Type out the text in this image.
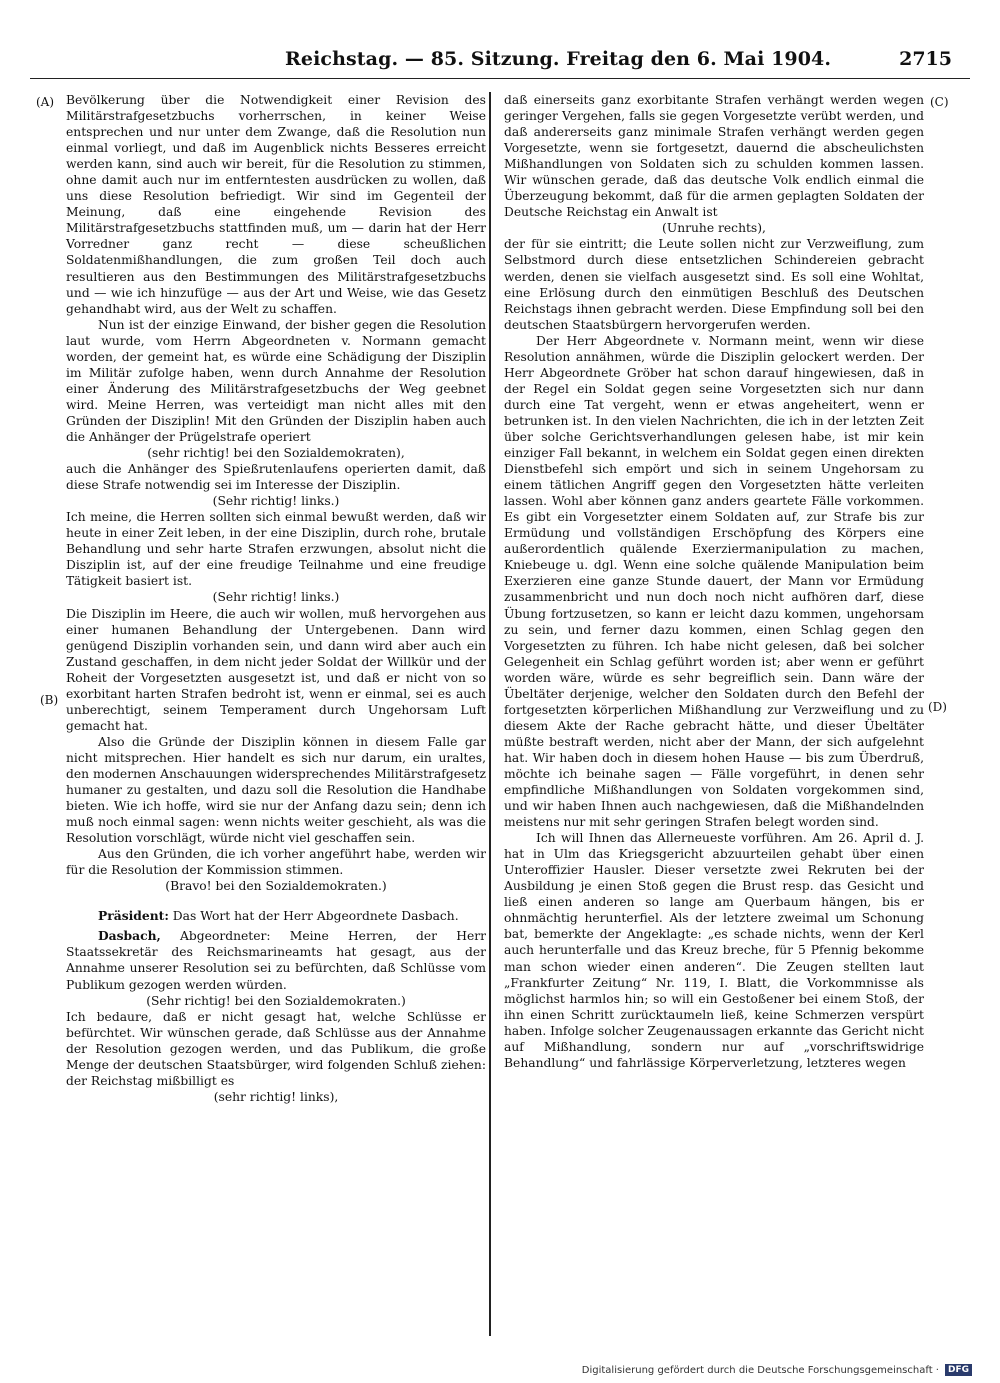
Reichstag. — 85. Sitzung. Freitag den 6. Mai 1904.	2715
(A)
(B)
(C)
(D)

Bevölkerung über die Notwendigkeit einer Revision des Militärstrafgesetzbuchs vorherrschen, in keiner Weise entsprechen und nur unter dem Zwange, daß die Resolution nun einmal vorliegt, und daß im Augenblick nichts Besseres erreicht werden kann, sind auch wir bereit, für die Resolution zu stimmen, ohne damit auch nur im entferntesten ausdrücken zu wollen, daß uns diese Resolution befriedigt. Wir sind im Gegenteil der Meinung, daß eine eingehende Revision des Militärstrafgesetzbuchs stattfinden muß, um — darin hat der Herr Vorredner ganz recht — diese scheußlichen Soldatenmißhandlungen, die zum großen Teil doch auch resultieren aus den Bestimmungen des Militärstrafgesetzbuchs und — wie ich hinzufüge — aus der Art und Weise, wie das Gesetz gehandhabt wird, aus der Welt zu schaffen.

Nun ist der einzige Einwand, der bisher gegen die Resolution laut wurde, vom Herrn Abgeordneten v. Normann gemacht worden, der gemeint hat, es würde eine Schädigung der Disziplin im Militär zufolge haben, wenn durch Annahme der Resolution einer Änderung des Militärstrafgesetzbuchs der Weg geebnet wird. Meine Herren, was verteidigt man nicht alles mit den Gründen der Disziplin! Mit den Gründen der Disziplin haben auch die Anhänger der Prügelstrafe operiert

(sehr richtig! bei den Sozialdemokraten),

auch die Anhänger des Spießrutenlaufens operierten damit, daß diese Strafe notwendig sei im Interesse der Disziplin.

(Sehr richtig! links.)

Ich meine, die Herren sollten sich einmal bewußt werden, daß wir heute in einer Zeit leben, in der eine Disziplin, durch rohe, brutale Behandlung und sehr harte Strafen erzwungen, absolut nicht die Disziplin ist, auf der eine freudige Teilnahme und eine freudige Tätigkeit basiert ist.

(Sehr richtig! links.)

Die Disziplin im Heere, die auch wir wollen, muß hervorgehen aus einer humanen Behandlung der Untergebenen. Dann wird genügend Disziplin vorhanden sein, und dann wird aber auch ein Zustand geschaffen, in dem nicht jeder Soldat der Willkür und der Roheit der Vorgesetzten ausgesetzt ist, und daß er nicht von so exorbitant harten Strafen bedroht ist, wenn er einmal, sei es auch unberechtigt, seinem Temperament durch Ungehorsam Luft gemacht hat.

Also die Gründe der Disziplin können in diesem Falle gar nicht mitsprechen. Hier handelt es sich nur darum, ein uraltes, den modernen Anschauungen widersprechendes Militärstrafgesetz humaner zu gestalten, und dazu soll die Resolution die Handhabe bieten. Wie ich hoffe, wird sie nur der Anfang dazu sein; denn ich muß noch einmal sagen: wenn nichts weiter geschieht, als was die Resolution vorschlägt, würde nicht viel geschaffen sein.

Aus den Gründen, die ich vorher angeführt habe, werden wir für die Resolution der Kommission stimmen.

(Bravo! bei den Sozialdemokraten.)

Präsident: Das Wort hat der Herr Abgeordnete Dasbach.

Dasbach, Abgeordneter: Meine Herren, der Herr Staatssekretär des Reichsmarineamts hat gesagt, aus der Annahme unserer Resolution sei zu befürchten, daß Schlüsse vom Publikum gezogen werden würden.

(Sehr richtig! bei den Sozialdemokraten.)

Ich bedaure, daß er nicht gesagt hat, welche Schlüsse er befürchtet. Wir wünschen gerade, daß Schlüsse aus der Annahme der Resolution gezogen werden, und das Publikum, die große Menge der deutschen Staatsbürger, wird folgenden Schluß ziehen: der Reichstag mißbilligt es

(sehr richtig! links),

daß einerseits ganz exorbitante Strafen verhängt werden wegen geringer Vergehen, falls sie gegen Vorgesetzte verübt werden, und daß andererseits ganz minimale Strafen verhängt werden gegen Vorgesetzte, wenn sie fortgesetzt, dauernd die abscheulichsten Mißhandlungen von Soldaten sich zu schulden kommen lassen. Wir wünschen gerade, daß das deutsche Volk endlich einmal die Überzeugung bekommt, daß für die armen geplagten Soldaten der Deutsche Reichstag ein Anwalt ist

(Unruhe rechts),

der für sie eintritt; die Leute sollen nicht zur Verzweiflung, zum Selbstmord durch diese entsetzlichen Schindereien gebracht werden, denen sie vielfach ausgesetzt sind. Es soll eine Wohltat, eine Erlösung durch den einmütigen Beschluß des Deutschen Reichstags ihnen gebracht werden. Diese Empfindung soll bei den deutschen Staatsbürgern hervorgerufen werden.

Der Herr Abgeordnete v. Normann meint, wenn wir diese Resolution annähmen, würde die Disziplin gelockert werden. Der Herr Abgeordnete Gröber hat schon darauf hingewiesen, daß in der Regel ein Soldat gegen seine Vorgesetzten sich nur dann durch eine Tat vergeht, wenn er etwas angeheitert, wenn er betrunken ist. In den vielen Nachrichten, die ich in der letzten Zeit über solche Gerichtsverhandlungen gelesen habe, ist mir kein einziger Fall bekannt, in welchem ein Soldat gegen einen direkten Dienstbefehl sich empört und sich in seinem Ungehorsam zu einem tätlichen Angriff gegen den Vorgesetzten hätte verleiten lassen. Wohl aber können ganz anders geartete Fälle vorkommen. Es gibt ein Vorgesetzter einem Soldaten auf, zur Strafe bis zur Ermüdung und vollständigen Erschöpfung des Körpers eine außerordentlich quälende Exerziermanipulation zu machen, Kniebeuge u. dgl. Wenn eine solche quälende Manipulation beim Exerzieren eine ganze Stunde dauert, der Mann vor Ermüdung zusammenbricht und nun doch noch nicht aufhören darf, diese Übung fortzusetzen, so kann er leicht dazu kommen, ungehorsam zu sein, und ferner dazu kommen, einen Schlag gegen den Vorgesetzten zu führen. Ich habe nicht gelesen, daß bei solcher Gelegenheit ein Schlag geführt worden ist; aber wenn er geführt worden wäre, würde es sehr begreiflich sein. Dann wäre der Übeltäter derjenige, welcher den Soldaten durch den Befehl der fortgesetzten körperlichen Mißhandlung zur Verzweiflung und zu diesem Akte der Rache gebracht hätte, und dieser Übeltäter müßte bestraft werden, nicht aber der Mann, der sich aufgelehnt hat. Wir haben doch in diesem hohen Hause — bis zum Überdruß, möchte ich beinahe sagen — Fälle vorgeführt, in denen sehr empfindliche Mißhandlungen von Soldaten vorgekommen sind, und wir haben Ihnen auch nachgewiesen, daß die Mißhandelnden meistens nur mit sehr geringen Strafen belegt worden sind.

Ich will Ihnen das Allerneueste vorführen. Am 26. April d. J. hat in Ulm das Kriegsgericht abzuurteilen gehabt über einen Unteroffizier Hausler. Dieser versetzte zwei Rekruten bei der Ausbildung je einen Stoß gegen die Brust resp. das Gesicht und ließ einen anderen so lange am Querbaum hängen, bis er ohnmächtig herunterfiel. Als der letztere zweimal um Schonung bat, bemerkte der Angeklagte: „es schade nichts, wenn der Kerl auch herunterfalle und das Kreuz breche, für 5 Pfennig bekomme man schon wieder einen anderen“. Die Zeugen stellten laut „Frankfurter Zeitung“ Nr. 119, I. Blatt, die Vorkommnisse als möglichst harmlos hin; so will ein Gestoßener bei einem Stoß, der ihn einen Schritt zurücktaumeln ließ, keine Schmerzen verspürt haben. Infolge solcher Zeugenaussagen erkannte das Gericht nicht auf Mißhandlung, sondern nur auf „vorschriftswidrige Behandlung“ und fahrlässige Körperverletzung, letzteres wegen

Digitalisierung gefördert durch die Deutsche Forschungsgemeinschaft ·	DFG
